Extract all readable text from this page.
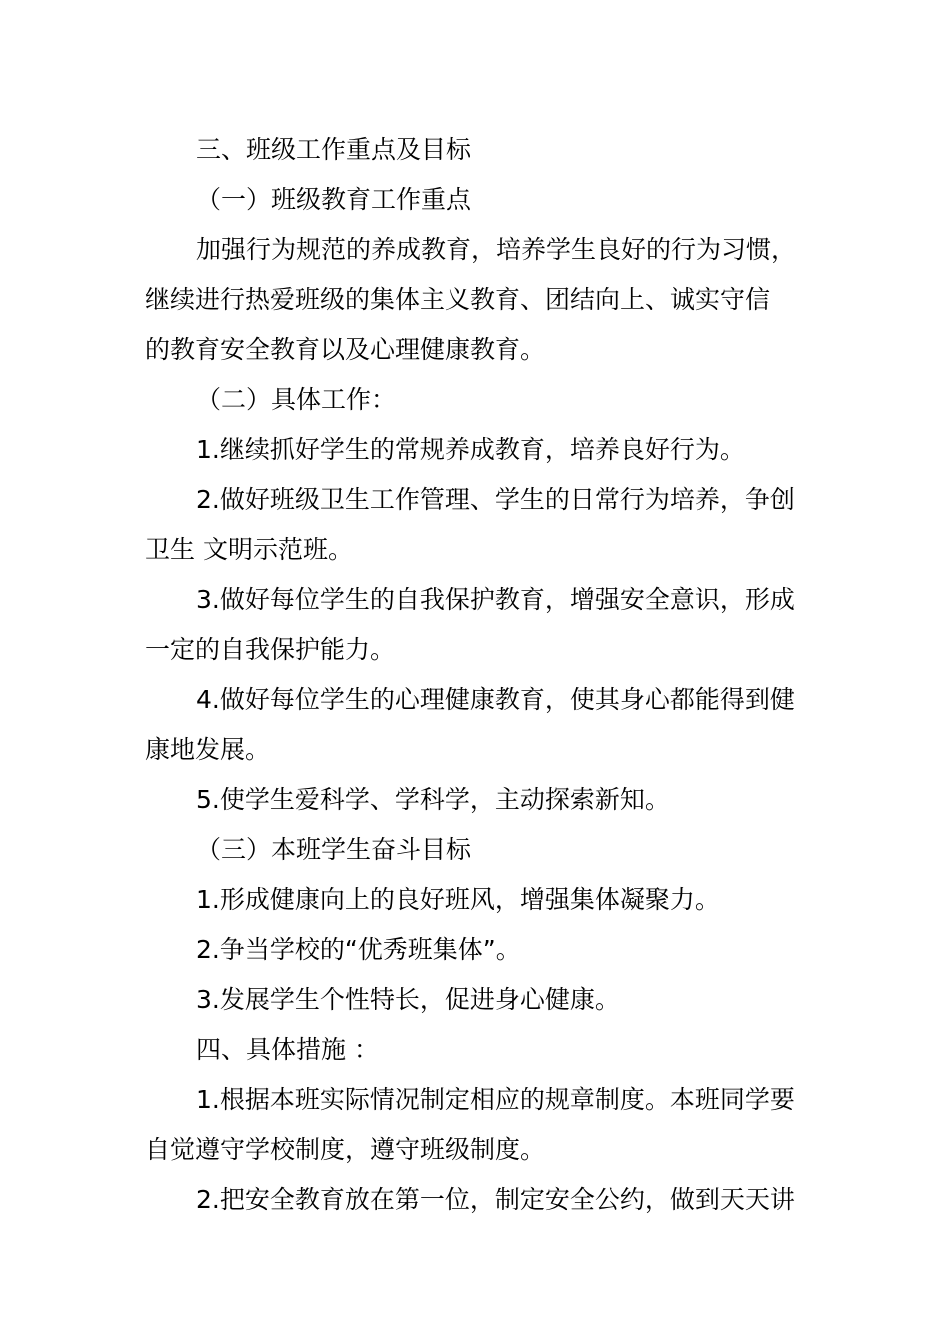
三、班级工作重点及目标
（一）班级教育工作重点
加强行为规范的养成教育，培养学生良好的行为习惯，
继续进行热爱班级的集体主义教育、团结向上、诚实守信
的教育安全教育以及心理健康教育。
（二）具体工作：
1.继续抓好学生的常规养成教育，培养良好行为。
2.做好班级卫生工作管理、学生的日常行为培养，争创
卫生 文明示范班。
3.做好每位学生的自我保护教育，增强安全意识，形成
一定的自我保护能力。
4.做好每位学生的心理健康教育，使其身心都能得到健
康地发展。
5.使学生爱科学、学科学，主动探索新知。
（三）本班学生奋斗目标
1.形成健康向上的良好班风，增强集体凝聚力。
2.争当学校的“优秀班集体”。
3.发展学生个性特长，促进身心健康。
四、具体措施 ：
1.根据本班实际情况制定相应的规章制度。本班同学要
自觉遵守学校制度，遵守班级制度。
2.把安全教育放在第一位，制定安全公约，做到天天讲
